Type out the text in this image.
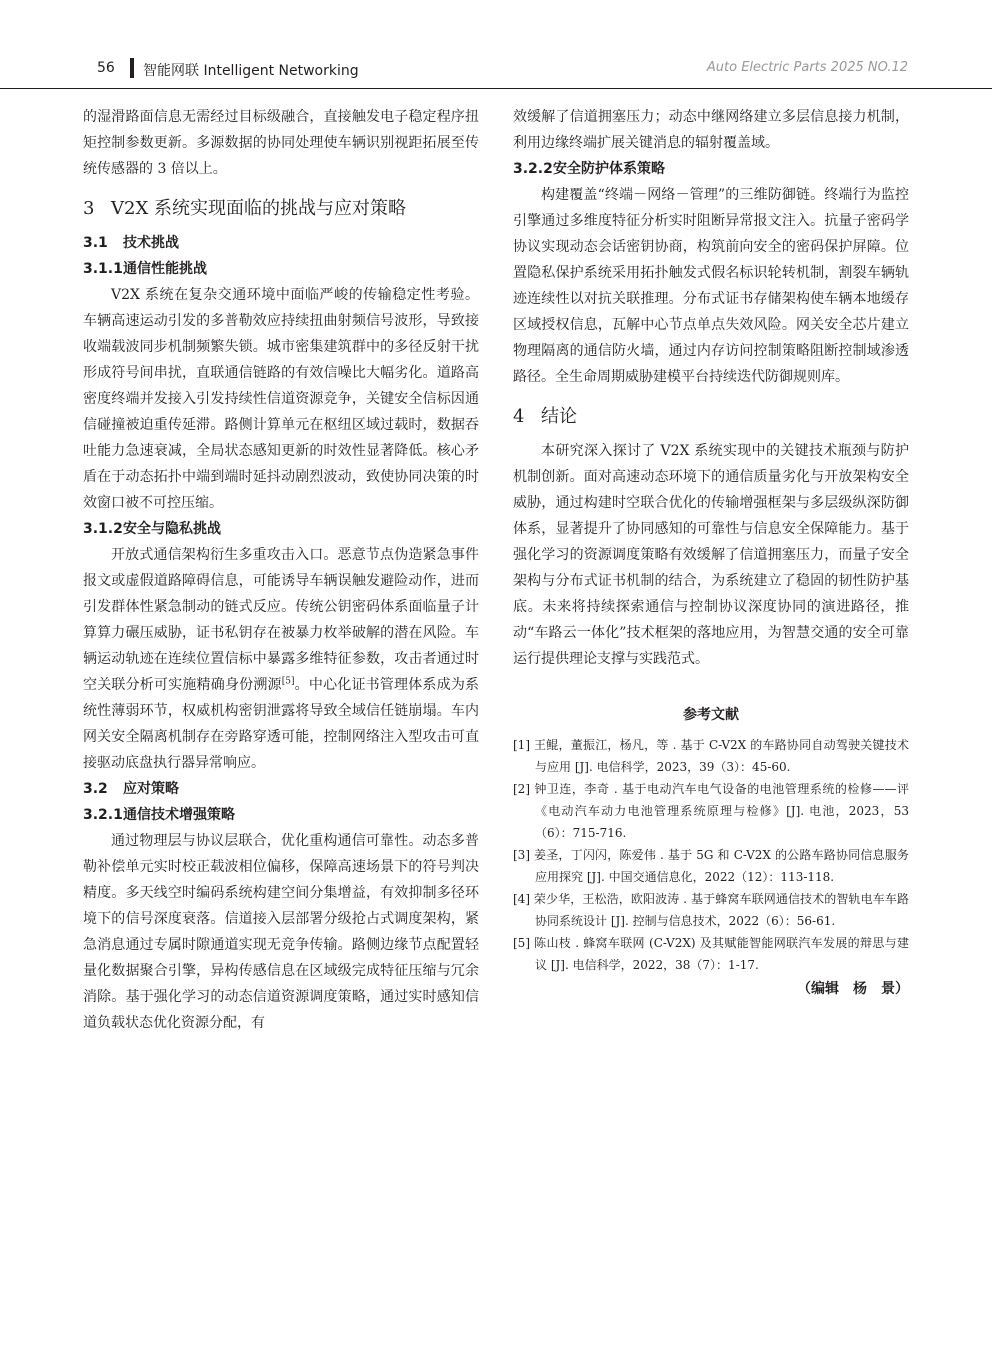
56 智能网联 Intelligent Networking	Auto Electric Parts 2025 NO.12

的湿滑路面信息无需经过目标级融合，直接触发电子稳定程序扭矩控制参数更新。多源数据的协同处理使车辆识别视距拓展至传统传感器的 3 倍以上。

3 V2X 系统实现面临的挑战与应对策略
3.1 技术挑战
3.1.1通信性能挑战

V2X 系统在复杂交通环境中面临严峻的传输稳定性考验。车辆高速运动引发的多普勒效应持续扭曲射频信号波形，导致接收端载波同步机制频繁失锁。城市密集建筑群中的多径反射干扰形成符号间串扰，直联通信链路的有效信噪比大幅劣化。道路高密度终端并发接入引发持续性信道资源竞争，关键安全信标因通信碰撞被迫重传延滞。路侧计算单元在枢纽区域过载时，数据吞吐能力急速衰减，全局状态感知更新的时效性显著降低。核心矛盾在于动态拓扑中端到端时延抖动剧烈波动，致使协同决策的时效窗口被不可控压缩。

3.1.2安全与隐私挑战

开放式通信架构衍生多重攻击入口。恶意节点伪造紧急事件报文或虚假道路障碍信息，可能诱导车辆误触发避险动作，进而引发群体性紧急制动的链式反应。传统公钥密码体系面临量子计算算力碾压威胁，证书私钥存在被暴力枚举破解的潜在风险。车辆运动轨迹在连续位置信标中暴露多维特征参数，攻击者通过时空关联分析可实施精确身份溯源[5]。中心化证书管理体系成为系统性薄弱环节，权威机构密钥泄露将导致全域信任链崩塌。车内网关安全隔离机制存在旁路穿透可能，控制网络注入型攻击可直接驱动底盘执行器异常响应。

3.2 应对策略
3.2.1通信技术增强策略

通过物理层与协议层联合，优化重构通信可靠性。动态多普勒补偿单元实时校正载波相位偏移，保障高速场景下的符号判决精度。多天线空时编码系统构建空间分集增益，有效抑制多径环境下的信号深度衰落。信道接入层部署分级抢占式调度架构，紧急消息通过专属时隙通道实现无竞争传输。路侧边缘节点配置轻量化数据聚合引擎，异构传感信息在区域级完成特征压缩与冗余消除。基于强化学习的动态信道资源调度策略，通过实时感知信道负载状态优化资源分配，有

效缓解了信道拥塞压力；动态中继网络建立多层信息接力机制，利用边缘终端扩展关键消息的辐射覆盖域。

3.2.2安全防护体系策略

构建覆盖“终端－网络－管理”的三维防御链。终端行为监控引擎通过多维度特征分析实时阻断异常报文注入。抗量子密码学协议实现动态会话密钥协商，构筑前向安全的密码保护屏障。位置隐私保护系统采用拓扑触发式假名标识轮转机制，割裂车辆轨迹连续性以对抗关联推理。分布式证书存储架构使车辆本地缓存区域授权信息，瓦解中心节点单点失效风险。网关安全芯片建立物理隔离的通信防火墙，通过内存访问控制策略阻断控制域渗透路径。全生命周期威胁建模平台持续迭代防御规则库。

4 结论

本研究深入探讨了 V2X 系统实现中的关键技术瓶颈与防护机制创新。面对高速动态环境下的通信质量劣化与开放架构安全威胁，通过构建时空联合优化的传输增强框架与多层级纵深防御体系，显著提升了协同感知的可靠性与信息安全保障能力。基于强化学习的资源调度策略有效缓解了信道拥塞压力，而量子安全架构与分布式证书机制的结合，为系统建立了稳固的韧性防护基底。未来将持续探索通信与控制协议深度协同的演进路径，推动“车路云一体化”技术框架的落地应用，为智慧交通的安全可靠运行提供理论支撑与实践范式。

参考文献
[1] 王鲲，董振江，杨凡，等 . 基于 C-V2X 的车路协同自动驾驶关键技术与应用 [J]. 电信科学，2023，39（3）：45-60.
[2] 钟卫连，李奇 . 基于电动汽车电气设备的电池管理系统的检修——评《电动汽车动力电池管理系统原理与检修》[J]. 电池，2023，53（6）：715-716.
[3] 姜圣，丁闪闪，陈爱伟 . 基于 5G 和 C-V2X 的公路车路协同信息服务应用探究 [J]. 中国交通信息化，2022（12）：113-118.
[4] 荣少华，王松浩，欧阳波涛 . 基于蜂窝车联网通信技术的智轨电车车路协同系统设计 [J]. 控制与信息技术，2022（6）：56-61.
[5] 陈山枝 . 蜂窝车联网 (C-V2X) 及其赋能智能网联汽车发展的辩思与建议 [J]. 电信科学，2022，38（7）：1-17.
（编辑　杨　景）
